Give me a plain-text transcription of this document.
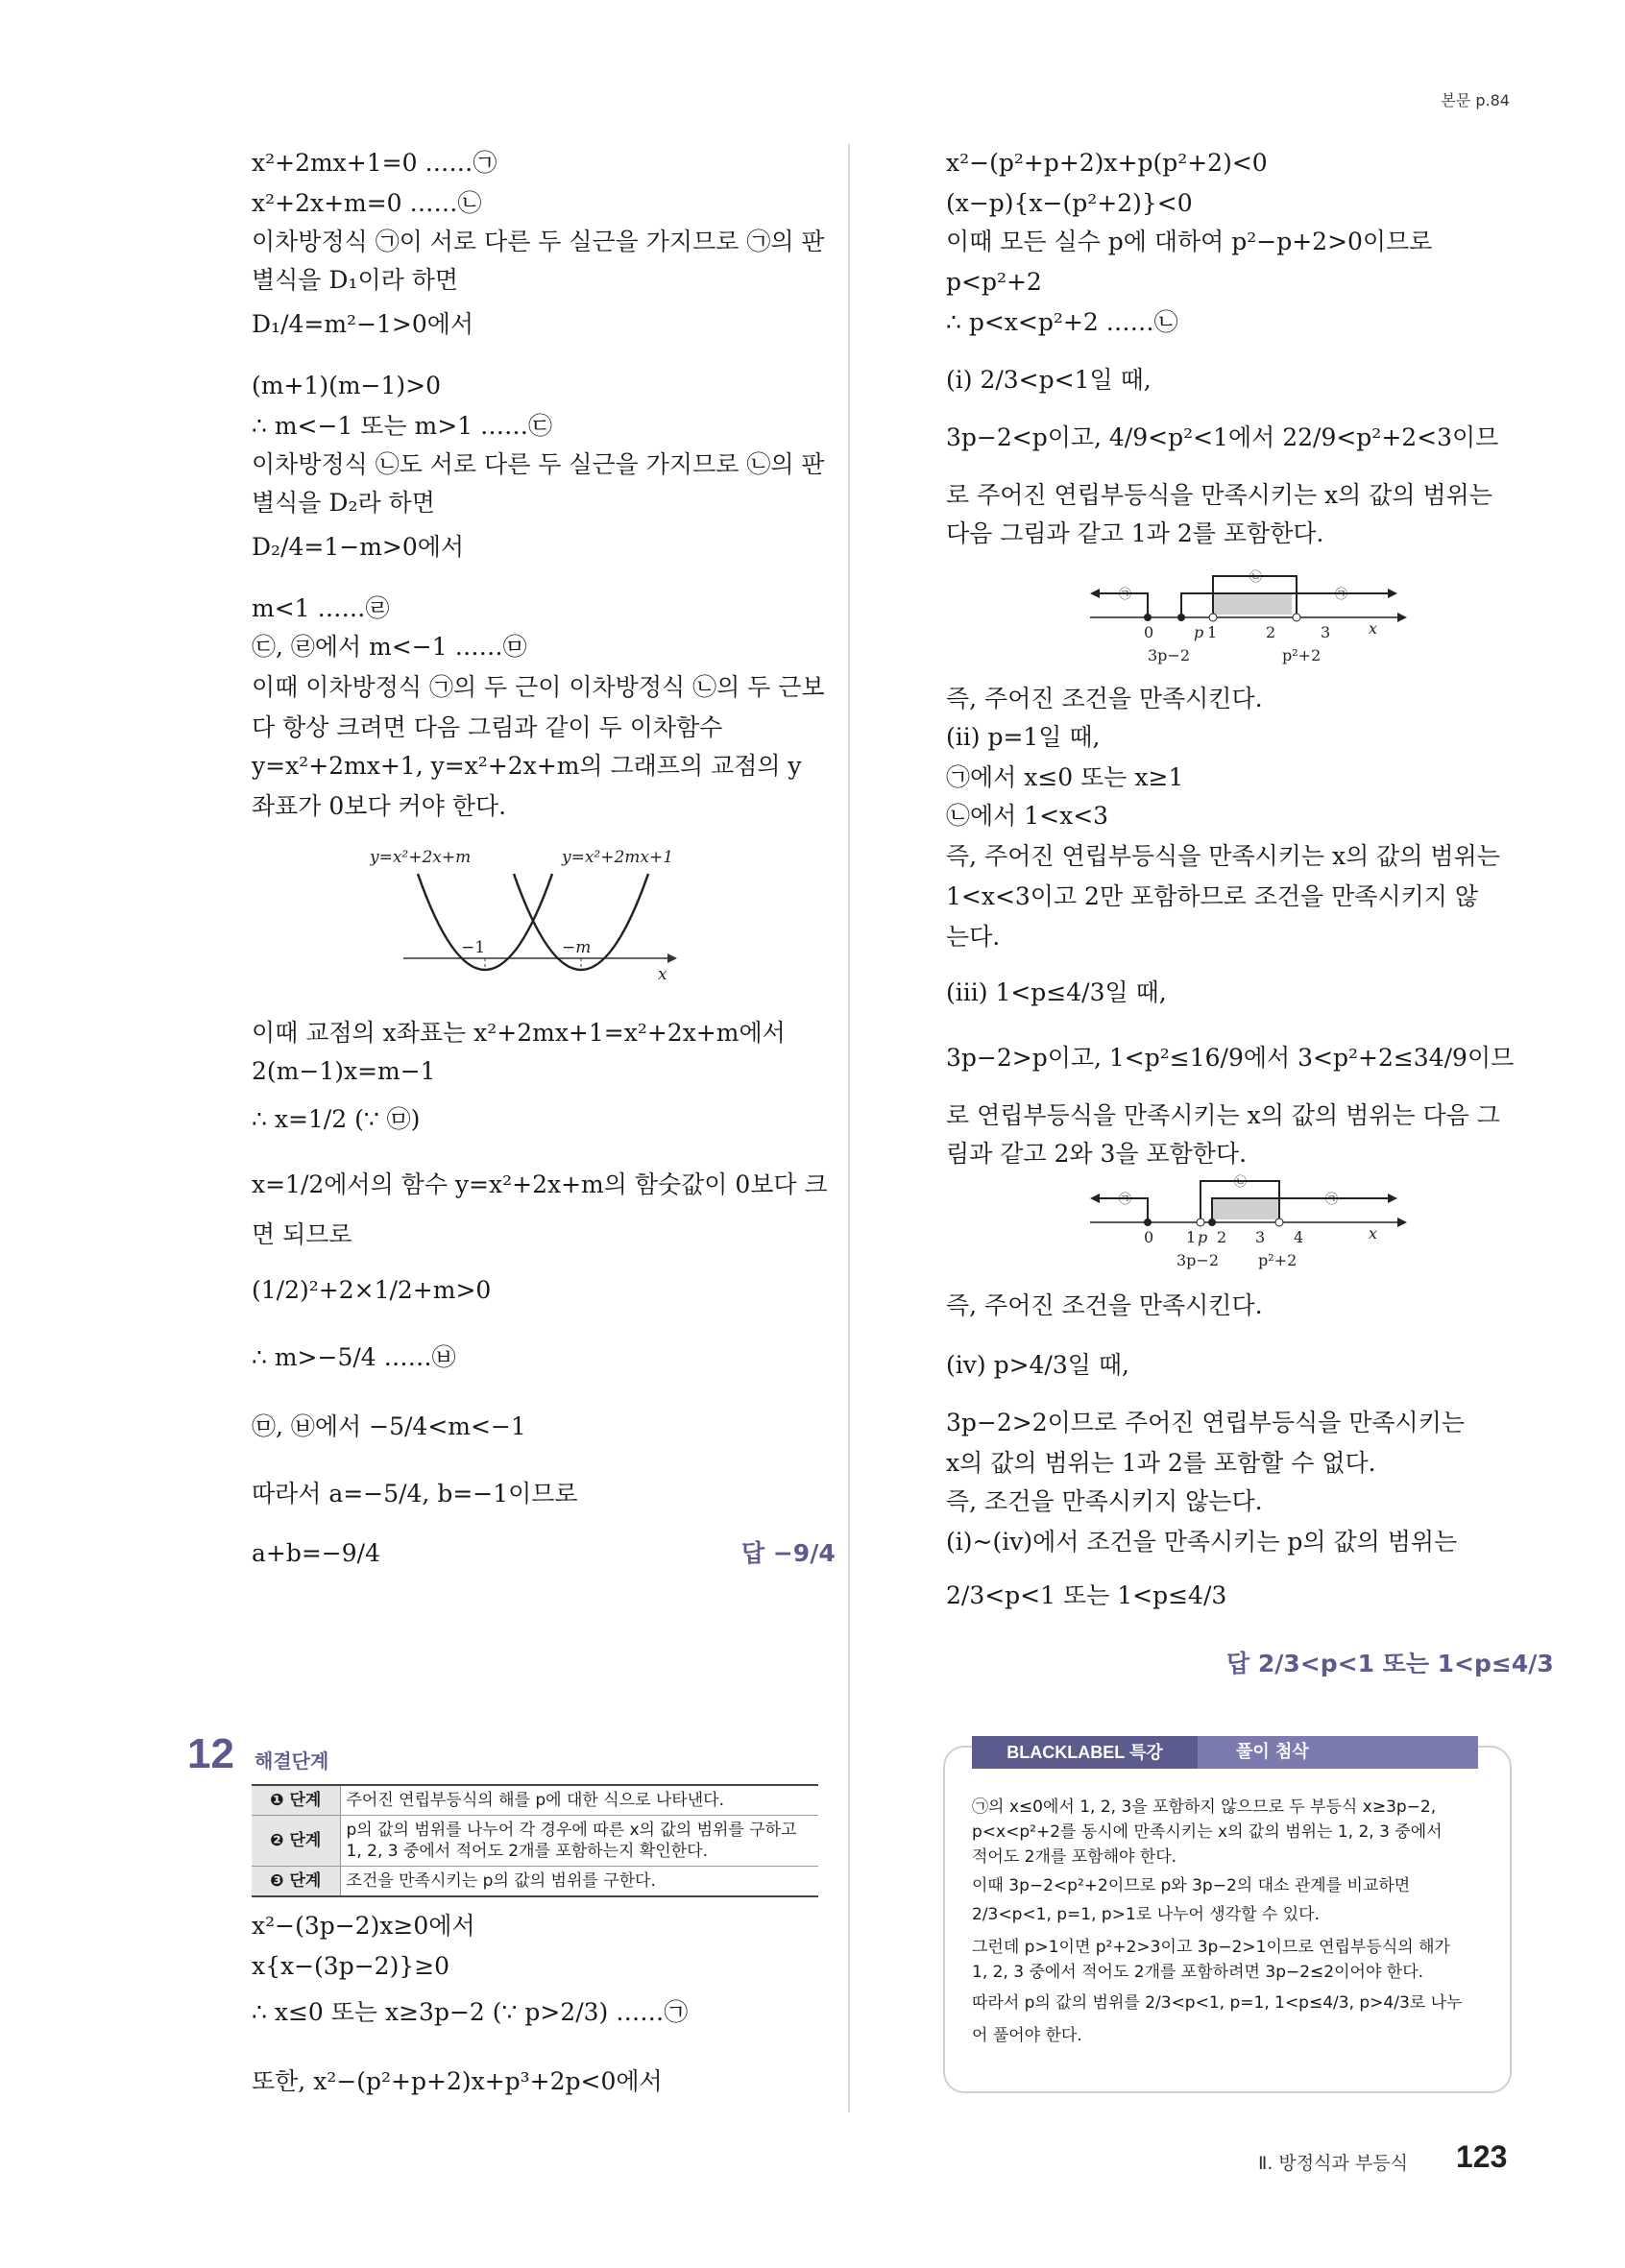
본문 p.84
x²+2mx+1=0 ……㉠
x²+2x+m=0 ……㉡
이차방정식 ㉠이 서로 다른 두 실근을 가지므로 ㉠의 판
별식을 D₁이라 하면
D₁/4=m²−1>0에서
(m+1)(m−1)>0
∴ m<−1 또는 m>1 ……㉢
이차방정식 ㉡도 서로 다른 두 실근을 가지므로 ㉡의 판
별식을 D₂라 하면
D₂/4=1−m>0에서
m<1 ……㉣
㉢, ㉣에서 m<−1 ……㉤
이때 이차방정식 ㉠의 두 근이 이차방정식 ㉡의 두 근보
다 항상 크려면 다음 그림과 같이 두 이차함수
y=x²+2mx+1, y=x²+2x+m의 그래프의 교점의 y
좌표가 0보다 커야 한다.
이때 교점의 x좌표는 x²+2mx+1=x²+2x+m에서
2(m−1)x=m−1
∴ x=1/2 (∵ ㉤)
x=1/2에서의 함수 y=x²+2x+m의 함숫값이 0보다 크
면 되므로
(1/2)²+2×1/2+m>0
∴ m>−5/4 ……㉥
㉤, ㉥에서 −5/4<m<−1
따라서 a=−5/4, b=−1이므로
a+b=−9/4	답 −9/4
y=x²+2x+m	y=x²+2mx+1
x
−1	−m
12 해결단계
❶ 단계	주어진 연립부등식의 해를 p에 대한 식으로 나타낸다.
❷ 단계	p의 값의 범위를 나누어 각 경우에 따른 x의 값의 범위를 구하고 1, 2, 3 중에서 적어도 2개를 포함하는지 확인한다.
❸ 단계	조건을 만족시키는 p의 값의 범위를 구한다.
x²−(3p−2)x≥0에서
x{x−(3p−2)}≥0
∴ x≤0 또는 x≥3p−2 (∵ p>2/3) ……㉠
또한, x²−(p²+p+2)x+p³+2p<0에서
x²−(p²+p+2)x+p(p²+2)<0
(x−p){x−(p²+2)}<0
이때 모든 실수 p에 대하여 p²−p+2>0이므로
p<p²+2
∴ p<x<p²+2 ……㉡
(ⅰ) 2/3<p<1일 때,
3p−2<p이고, 4/9<p²<1에서 22/9<p²+2<3이므
로 주어진 연립부등식을 만족시키는 x의 값의 범위는
다음 그림과 같고 1과 2를 포함한다.
즉, 주어진 조건을 만족시킨다.
(ⅱ) p=1일 때,
㉠에서 x≤0 또는 x≥1
㉡에서 1<x<3
즉, 주어진 연립부등식을 만족시키는 x의 값의 범위는
1<x<3이고 2만 포함하므로 조건을 만족시키지 않
는다.
(ⅲ) 1<p≤4/3일 때,
3p−2>p이고, 1<p²≤16/9에서 3<p²+2≤34/9이므
로 연립부등식을 만족시키는 x의 값의 범위는 다음 그
림과 같고 2와 3을 포함한다.
즉, 주어진 조건을 만족시킨다.
(ⅳ) p>4/3일 때,
3p−2>2이므로 주어진 연립부등식을 만족시키는
x의 값의 범위는 1과 2를 포함할 수 없다.
즉, 조건을 만족시키지 않는다.
(ⅰ)~(ⅳ)에서 조건을 만족시키는 p의 값의 범위는
2/3<p<1 또는 1<p≤4/3
답 2/3<p<1 또는 1<p≤4/3
㉠
㉡
㉠
0	p 1	2	3 x
3p−2	p²+2
㉠
㉡
㉠
0 1 p 2 3 4	x
3p−2	p²+2
풀이 첨삭
BLACKLABEL 특강
㉠의 x≤0에서 1, 2, 3을 포함하지 않으므로 두 부등식 x≥3p−2,
p<x<p²+2를 동시에 만족시키는 x의 값의 범위는 1, 2, 3 중에서
적어도 2개를 포함해야 한다.
이때 3p−2<p²+2이므로 p와 3p−2의 대소 관계를 비교하면
2/3<p<1, p=1, p>1로 나누어 생각할 수 있다.
그런데 p>1이면 p²+2>3이고 3p−2>1이므로 연립부등식의 해가
1, 2, 3 중에서 적어도 2개를 포함하려면 3p−2≤2이어야 한다.
따라서 p의 값의 범위를 2/3<p<1, p=1, 1<p≤4/3, p>4/3로 나누
어 풀어야 한다.
Ⅱ. 방정식과 부등식 123
